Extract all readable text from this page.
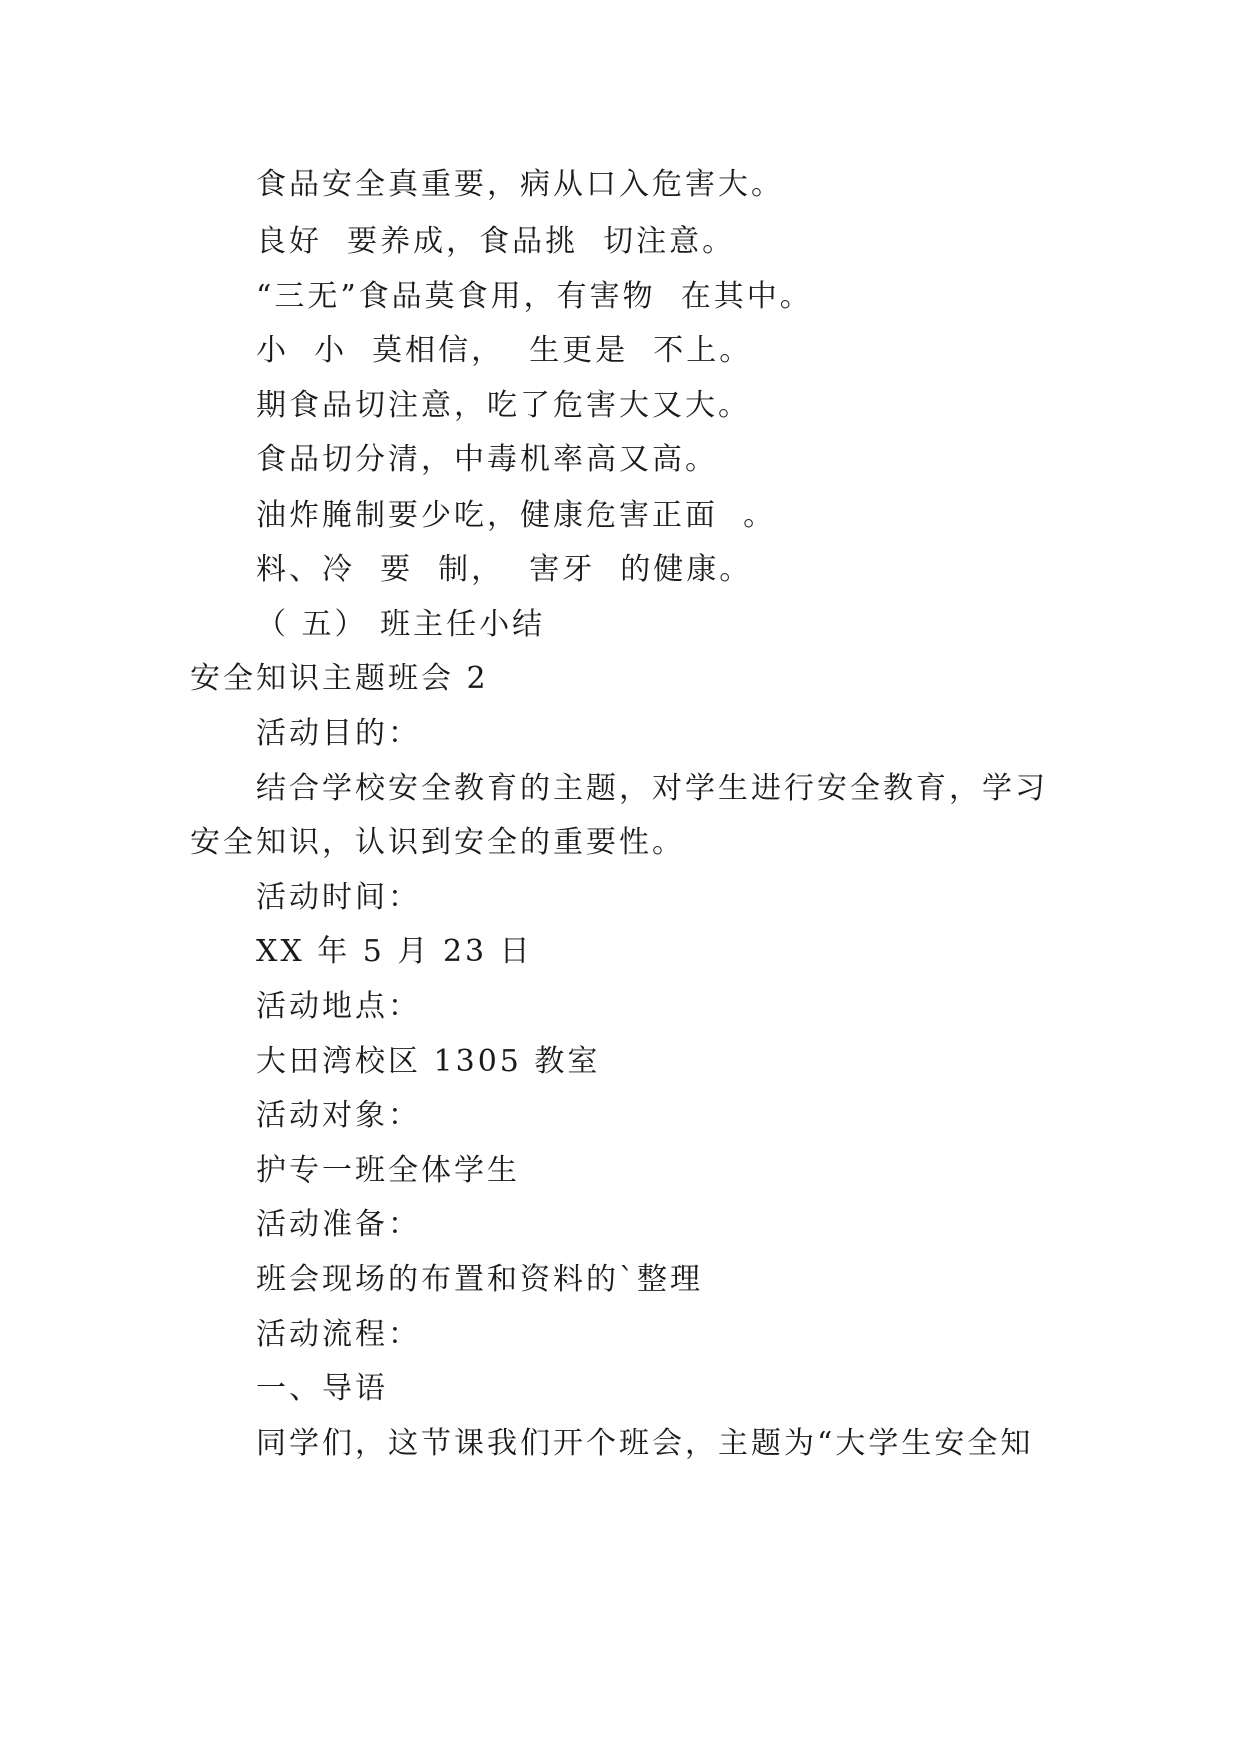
食品安全真重要，病从口入危害大。
良好  要养成，食品挑  切注意。
“三无”食品莫食用，有害物  在其中。
小  小  莫相信，  生更是  不上。
期食品切注意，吃了危害大又大。
食品切分清，中毒机率高又高。
油炸腌制要少吃，健康危害正面  。
料、冷  要  制，  害牙  的健康。
（ 五） 班主任小结
安全知识主题班会 2
活动目的：
结合学校安全教育的主题，对学生进行安全教育，学习
安全知识，认识到安全的重要性。
活动时间：
XX 年 5 月 23 日
活动地点：
大田湾校区 1305 教室
活动对象：
护专一班全体学生
活动准备：
班会现场的布置和资料的`整理
活动流程：
一、导语
同学们，这节课我们开个班会，主题为“大学生安全知
